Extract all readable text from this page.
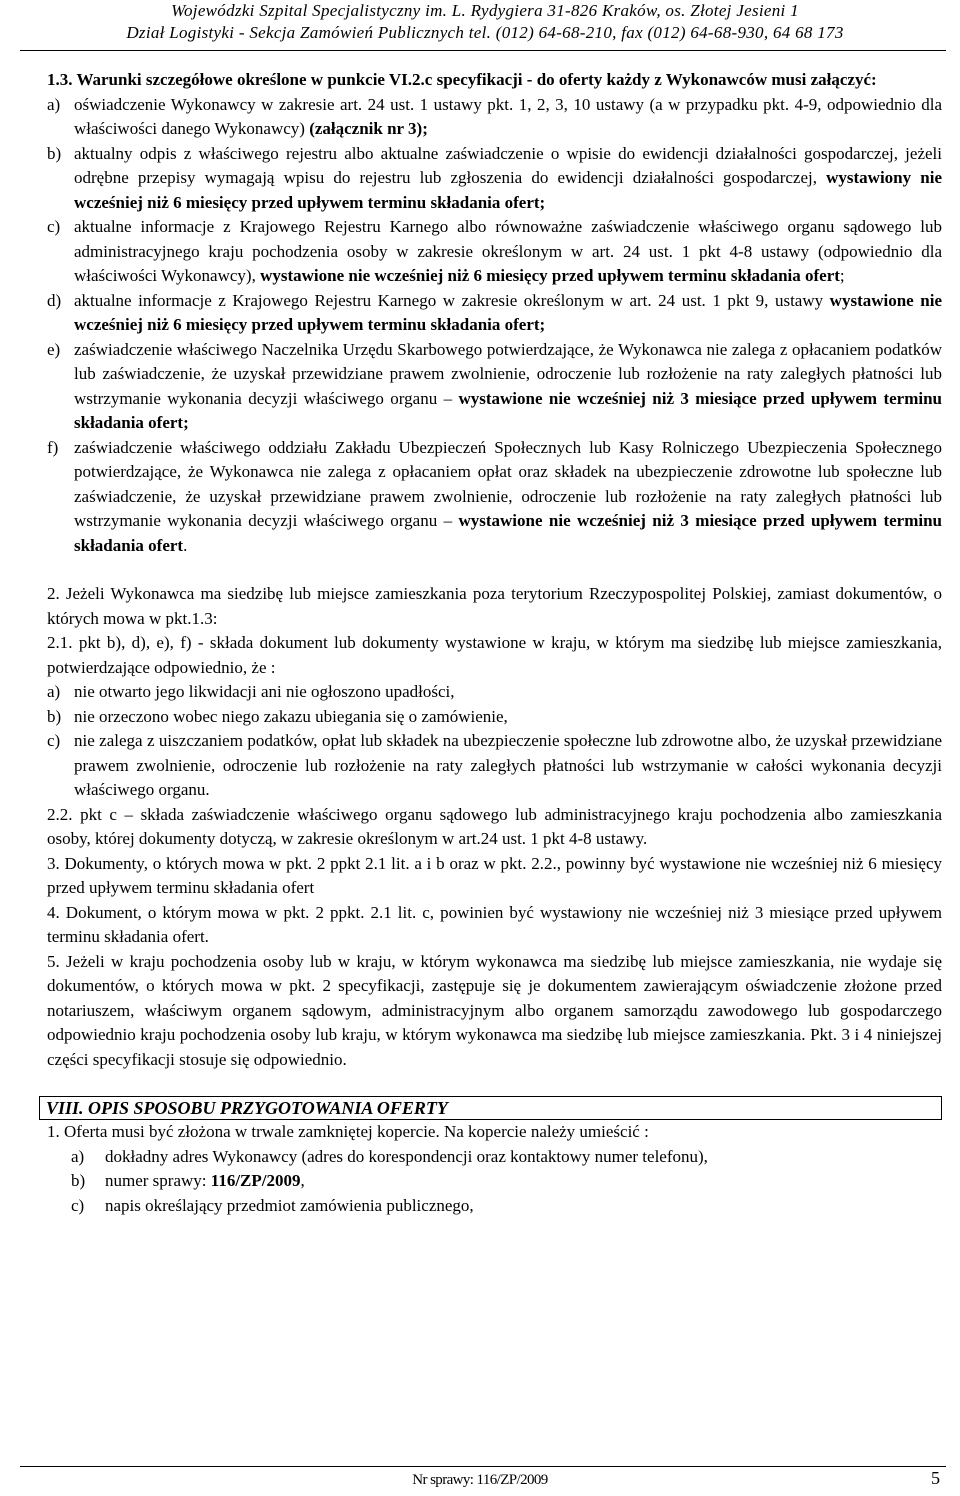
Wojewódzki Szpital Specjalistyczny im. L. Rydygiera 31-826 Kraków, os. Złotej Jesieni 1
Dział Logistyki - Sekcja Zamówień Publicznych tel. (012) 64-68-210, fax (012) 64-68-930, 64 68 173

1.3. Warunki szczegółowe określone w punkcie VI.2.c specyfikacji - do oferty każdy z Wykonawców musi załączyć:

a) oświadczenie Wykonawcy w zakresie art. 24 ust. 1 ustawy pkt. 1, 2, 3, 10 ustawy (a w przypadku pkt. 4-9, odpowiednio dla właściwości danego Wykonawcy) (załącznik nr 3);
b) aktualny odpis z właściwego rejestru albo aktualne zaświadczenie o wpisie do ewidencji działalności gospodarczej, jeżeli odrębne przepisy wymagają wpisu do rejestru lub zgłoszenia do ewidencji działalności gospodarczej, wystawiony nie wcześniej niż 6 miesięcy przed upływem terminu składania ofert;
c) aktualne informacje z Krajowego Rejestru Karnego albo równoważne zaświadczenie właściwego organu sądowego lub administracyjnego kraju pochodzenia osoby w zakresie określonym w art. 24 ust. 1 pkt 4-8 ustawy (odpowiednio dla właściwości Wykonawcy), wystawione nie wcześniej niż 6 miesięcy przed upływem terminu składania ofert;
d) aktualne informacje z Krajowego Rejestru Karnego w zakresie określonym w art. 24 ust. 1 pkt 9, ustawy wystawione nie wcześniej niż 6 miesięcy przed upływem terminu składania ofert;
e) zaświadczenie właściwego Naczelnika Urzędu Skarbowego potwierdzające, że Wykonawca nie zalega z opłacaniem podatków lub zaświadczenie, że uzyskał przewidziane prawem zwolnienie, odroczenie lub rozłożenie na raty zaległych płatności lub wstrzymanie wykonania decyzji właściwego organu – wystawione nie wcześniej niż 3 miesiące przed upływem terminu składania ofert;
f) zaświadczenie właściwego oddziału Zakładu Ubezpieczeń Społecznych lub Kasy Rolniczego Ubezpieczenia Społecznego potwierdzające, że Wykonawca nie zalega z opłacaniem opłat oraz składek na ubezpieczenie zdrowotne lub społeczne lub zaświadczenie, że uzyskał przewidziane prawem zwolnienie, odroczenie lub rozłożenie na raty zaległych płatności lub wstrzymanie wykonania decyzji właściwego organu – wystawione nie wcześniej niż 3 miesiące przed upływem terminu składania ofert.

2. Jeżeli Wykonawca ma siedzibę lub miejsce zamieszkania poza terytorium Rzeczypospolitej Polskiej, zamiast dokumentów, o których mowa w pkt.1.3:

2.1. pkt b), d), e), f) - składa dokument lub dokumenty wystawione w kraju, w którym ma siedzibę lub miejsce zamieszkania, potwierdzające odpowiednio, że :

a) nie otwarto jego likwidacji ani nie ogłoszono upadłości,
b) nie orzeczono wobec niego zakazu ubiegania się o zamówienie,
c) nie zalega z uiszczaniem podatków, opłat lub składek na ubezpieczenie społeczne lub zdrowotne albo, że uzyskał przewidziane prawem zwolnienie, odroczenie lub rozłożenie na raty zaległych płatności lub wstrzymanie w całości wykonania decyzji właściwego organu.

2.2. pkt c – składa zaświadczenie właściwego organu sądowego lub administracyjnego kraju pochodzenia albo zamieszkania osoby, której dokumenty dotyczą, w zakresie określonym w art.24 ust. 1 pkt 4-8 ustawy.

3. Dokumenty, o których mowa w pkt. 2 ppkt 2.1 lit. a i b oraz w pkt. 2.2., powinny być wystawione nie wcześniej niż 6 miesięcy przed upływem terminu składania ofert

4. Dokument, o którym mowa w pkt. 2 ppkt. 2.1 lit. c, powinien być wystawiony nie wcześniej niż 3 miesiące przed upływem terminu składania ofert.

5. Jeżeli w kraju pochodzenia osoby lub w kraju, w którym wykonawca ma siedzibę lub miejsce zamieszkania, nie wydaje się dokumentów, o których mowa w pkt. 2 specyfikacji, zastępuje się je dokumentem zawierającym oświadczenie złożone przed notariuszem, właściwym organem sądowym, administracyjnym albo organem samorządu zawodowego lub gospodarczego odpowiednio kraju pochodzenia osoby lub kraju, w którym wykonawca ma siedzibę lub miejsce zamieszkania. Pkt. 3 i 4 niniejszej części specyfikacji stosuje się odpowiednio.

VIII. OPIS SPOSOBU PRZYGOTOWANIA OFERTY

1. Oferta musi być złożona w trwale zamkniętej kopercie. Na kopercie należy umieścić :

a) dokładny adres Wykonawcy (adres do korespondencji oraz kontaktowy numer telefonu),
b) numer sprawy: 116/ZP/2009,
c) napis określający przedmiot zamówienia publicznego,
Nr sprawy: 116/ZP/2009	5
